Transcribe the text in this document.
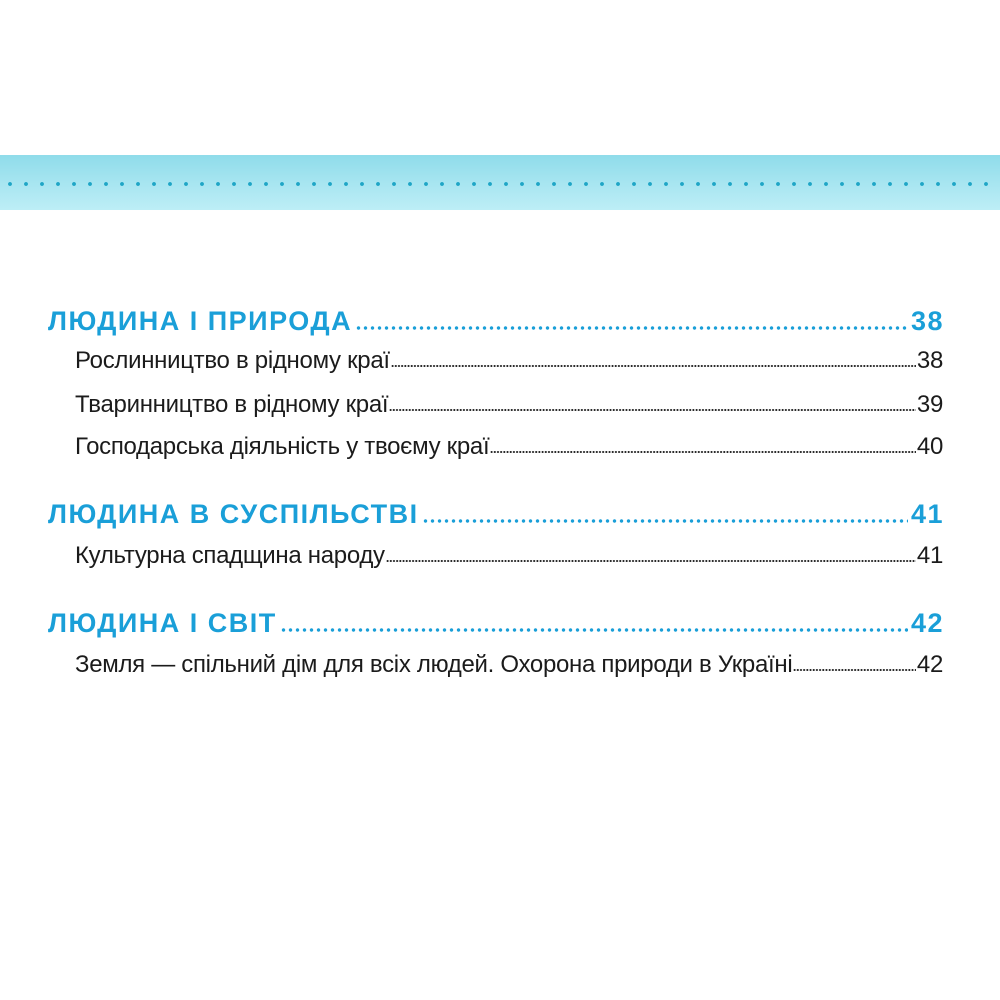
ЛЮДИНА І ПРИРОДА	38
Рослинництво в рідному краї	38
Тваринництво в рідному краї	39
Господарська діяльність у твоєму краї	40
ЛЮДИНА В СУСПІЛЬСТВІ	41
Культурна спадщина народу	41
ЛЮДИНА І СВІТ	42
Земля — спільний дім для всіх людей. Охорона природи в Україні	42
